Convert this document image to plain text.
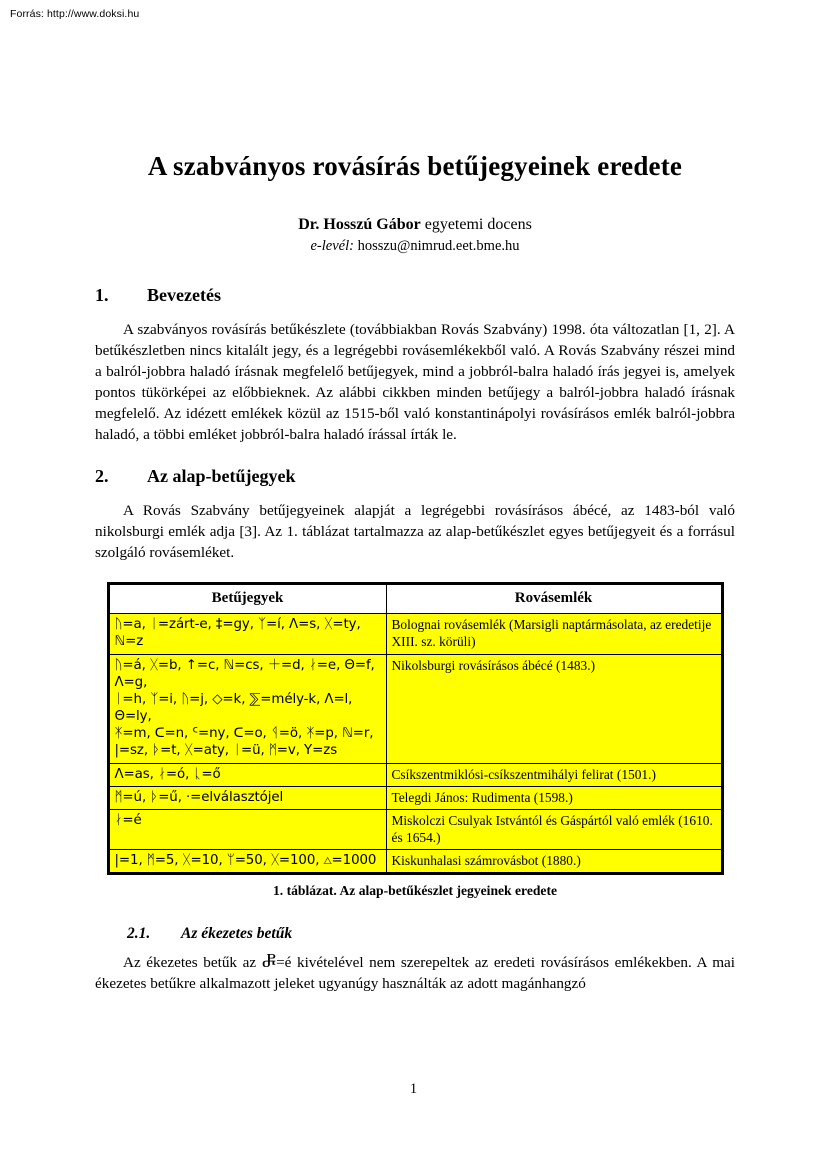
Forrás: http://www.doksi.hu
A szabványos rovásírás betűjegyeinek eredete
Dr. Hosszú Gábor egyetemi docens
e-levél: hosszu@nimrud.eet.bme.hu
1.	Bevezetés

A szabványos rovásírás betűkészlete (továbbiakban Rovás Szabvány) 1998. óta változatlan [1, 2]. A betűkészletben nincs kitalált jegy, és a legrégebbi rovásemlékekből való. A Rovás Szabvány részei mind a balról-jobbra haladó írásnak megfelelő betűjegyek, mind a jobbról-balra haladó írás jegyei is, amelyek pontos tükörképei az előbbieknek. Az alábbi cikkben minden betűjegy a balról-jobbra haladó írásnak megfelelő. Az idézett emlékek közül az 1515-ből való konstantinápolyi rovásírásos emlék balról-jobbra haladó, a többi emléket jobbról-balra haladó írással írták le.

2.	Az alap-betűjegyek

A Rovás Szabvány betűjegyeinek alapját a legrégebbi rovásírásos ábécé, az 1483-ból való nikolsburgi emlék adja [3]. Az 1. táblázat tartalmazza az alap-betűkészlet egyes betűjegyeit és a forrásul szolgáló rovásemléket.

Betűjegyek	Rovásemlék
ᚢ=a, ᛁ=zárt-e, ‡=gy, ᛉ=í, Λ=s, ᚷ=ty, ℕ=z	Bolognai rovásemlék (Marsigli naptármásolata, az eredetije XIII. sz. körüli)
ᚢ=á, ᚷ=b, ↑=c, ℕ=cs, ＋=d, ᛅ=e, Θ=f, Λ=g,
ᛁ=h, ᛉ=i, ᚢ=j, ◇=k, ⅀=mély-k, Λ=l, Θ=ly,
ᛡ=m, ᑕ=n, ᑦ=ny, ᑕ=o, ᛩ=ö, ᛡ=p, ℕ=r,
|=sz, ᚦ=t, ᚷ=aty, ᛁ=ü, ᛗ=v, Υ=zs	Nikolsburgi rovásírásos ábécé (1483.)
Λ=as, ᛅ=ó, ᚳ=ő	Csíkszentmiklósi-csíkszentmihályi felirat (1501.)
ᛗ=ú, ᚦ=ű, ·=elválasztójel	Telegdi János: Rudimenta (1598.)
ᛅ=é	Miskolczi Csulyak Istvántól és Gáspártól való emlék (1610. és 1654.)
|=1, ᛗ=5, ᚷ=10, ᛘ=50, ᚷ=100, ⩟=1000	Kiskunhalasi számrovásbot (1880.)
1. táblázat. Az alap-betűkészlet jegyeinek eredete
2.1.	Az ékezetes betűk

Az ékezetes betűk az Ⴥ=é kivételével nem szerepeltek az eredeti rovásírásos emlékekben. A mai ékezetes betűkre alkalmazott jeleket ugyanúgy használták az adott magánhangzó

1
